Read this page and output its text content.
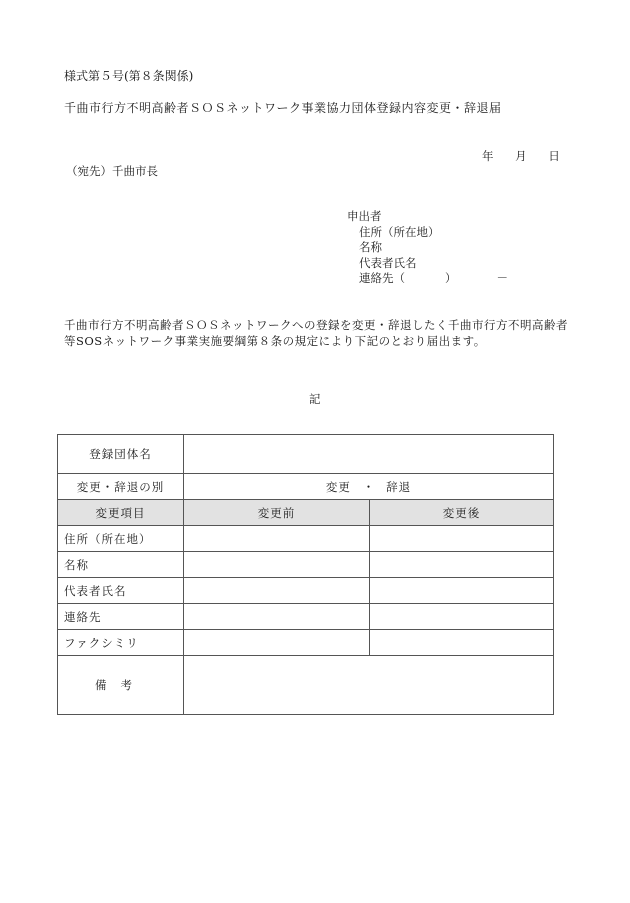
様式第５号(第８条関係)
千曲市行方不明高齢者ＳＯＳネットワーク事業協力団体登録内容変更・辞退届
年 月 日
（宛先）千曲市長
申出者
住所（所在地）
名称
代表者氏名
連絡先（	）	－
千曲市行方不明高齢者ＳＯＳネットワークへの登録を変更・辞退したく千曲市行方不明高齢者等SOSネットワーク事業実施要綱第８条の規定により下記のとおり届出ます。
記
登録団体名		
変更・辞退の別	変更 ・ 辞退	
変更項目	変更前	変更後
住所（所在地）		
名称		
代表者氏名		
連絡先		
ファクシミリ		
備考		
